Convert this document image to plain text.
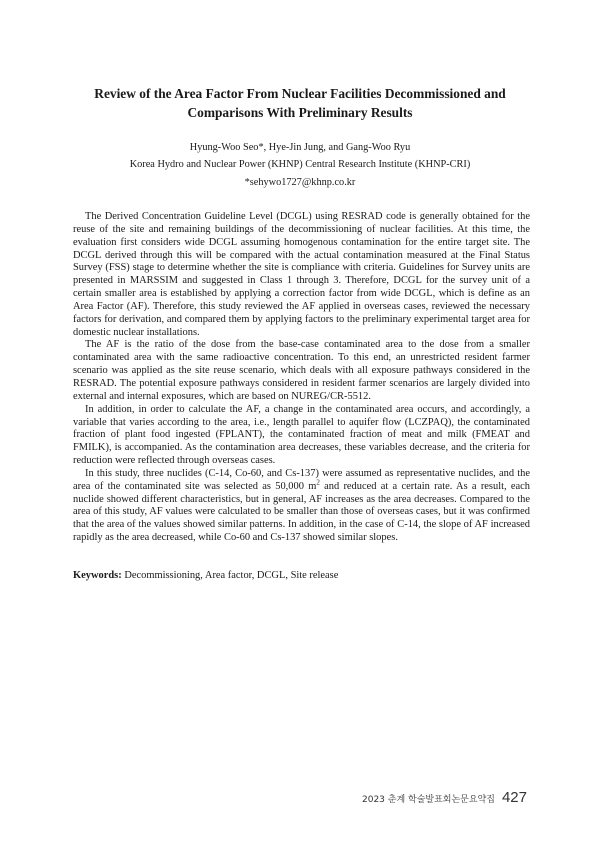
Review of the Area Factor From Nuclear Facilities Decommissioned and
Comparisons With Preliminary Results
Hyung-Woo Seo*, Hye-Jin Jung, and Gang-Woo Ryu
Korea Hydro and Nuclear Power (KHNP) Central Research Institute (KHNP-CRI)
*sehywo1727@khnp.co.kr

The Derived Concentration Guideline Level (DCGL) using RESRAD code is generally obtained for the reuse of the site and remaining buildings of the decommissioning of nuclear facilities. At this time, the evaluation first considers wide DCGL assuming homogenous contamination for the entire target site. The DCGL derived through this will be compared with the actual contamination measured at the Final Status Survey (FSS) stage to determine whether the site is compliance with criteria. Guidelines for Survey units are presented in MARSSIM and suggested in Class 1 through 3. Therefore, DCGL for the survey unit of a certain smaller area is established by applying a correction factor from wide DCGL, which is define as an Area Factor (AF). Therefore, this study reviewed the AF applied in overseas cases, reviewed the necessary factors for derivation, and compared them by applying factors to the preliminary experimental target area for domestic nuclear installations.

The AF is the ratio of the dose from the base-case contaminated area to the dose from a smaller contaminated area with the same radioactive concentration. To this end, an unrestricted resident farmer scenario was applied as the site reuse scenario, which deals with all exposure pathways considered in the RESRAD. The potential exposure pathways considered in resident farmer scenarios are largely divided into external and internal exposures, which are based on NUREG/CR-5512.

In addition, in order to calculate the AF, a change in the contaminated area occurs, and accordingly, a variable that varies according to the area, i.e., length parallel to aquifer flow (LCZPAQ), the contaminated fraction of plant food ingested (FPLANT), the contaminated fraction of meat and milk (FMEAT and FMILK), is accompanied. As the contamination area decreases, these variables decrease, and the criteria for reduction were reflected through overseas cases.

In this study, three nuclides (C-14, Co-60, and Cs-137) were assumed as representative nuclides, and the area of the contaminated site was selected as 50,000 $m^2$ and reduced at a certain rate. As a result, each nuclide showed different characteristics, but in general, AF increases as the area decreases. Compared to the area of this study, AF values were calculated to be smaller than those of overseas cases, but it was confirmed that the area of the values showed similar patterns. In addition, in the case of C-14, the slope of AF increased rapidly as the area decreased, while Co-60 and Cs-137 showed similar slopes.

Keywords: Decommissioning, Area factor, DCGL, Site release
2023 춘계 학술발표회논문요약집 427
